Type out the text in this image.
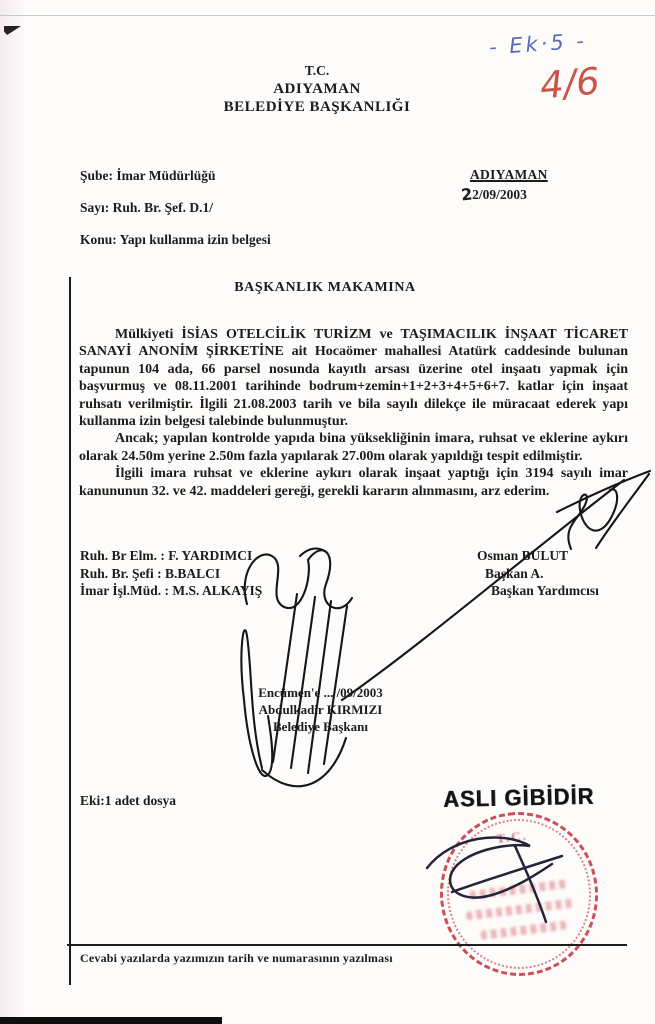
- Ek·5 -
4/6
T.C.
ADIYAMAN
BELEDİYE BAŞKANLIĞI
Şube: İmar Müdürlüğü
Sayı: Ruh. Br. Şef. D.1/
Konu: Yapı kullanma izin belgesi
ADIYAMAN
22/09/2003
BAŞKANLIK MAKAMINA

Mülkiyeti İSİAS OTELCİLİK TURİZM ve TAŞIMACILIK İNŞAAT TİCARET SANAYİ ANONİM ŞİRKETİNE ait Hocaömer mahallesi Atatürk caddesinde bulunan tapunun 104 ada, 66 parsel nosunda kayıtlı arsası üzerine otel inşaatı yapmak için başvurmuş ve 08.11.2001 tarihinde bodrum+zemin+1+2+3+4+5+6+7. katlar için inşaat ruhsatı verilmiştir. İlgili 21.08.2003 tarih ve bila sayılı dilekçe ile müracaat ederek yapı kullanma izin belgesi talebinde bulunmuştur.

Ancak; yapılan kontrolde yapıda bina yüksekliğinin imara, ruhsat ve eklerine aykırı olarak 24.50m yerine 2.50m fazla yapılarak 27.00m olarak yapıldığı tespit edilmiştir.

İlgili imara ruhsat ve eklerine aykırı olarak inşaat yaptığı için 3194 sayılı imar kanununun 32. ve 42. maddeleri gereği, gerekli kararın alınmasını, arz ederim.

Ruh. Br Elm. : F. YARDIMCI
Ruh. Br. Şefi : B.BALCI
İmar İşl.Müd. : M.S. ALKAYIŞ
Osman BULUT
Başkan A.
Başkan Yardımcısı
Encümen'e ... /09/2003
Abdulkadir KIRMIZI
Belediye Başkanı
Eki:1 adet dosya	ASLI GİBİDİR
T.C.
Cevabi yazılarda yazımızın tarih ve numarasının yazılması
